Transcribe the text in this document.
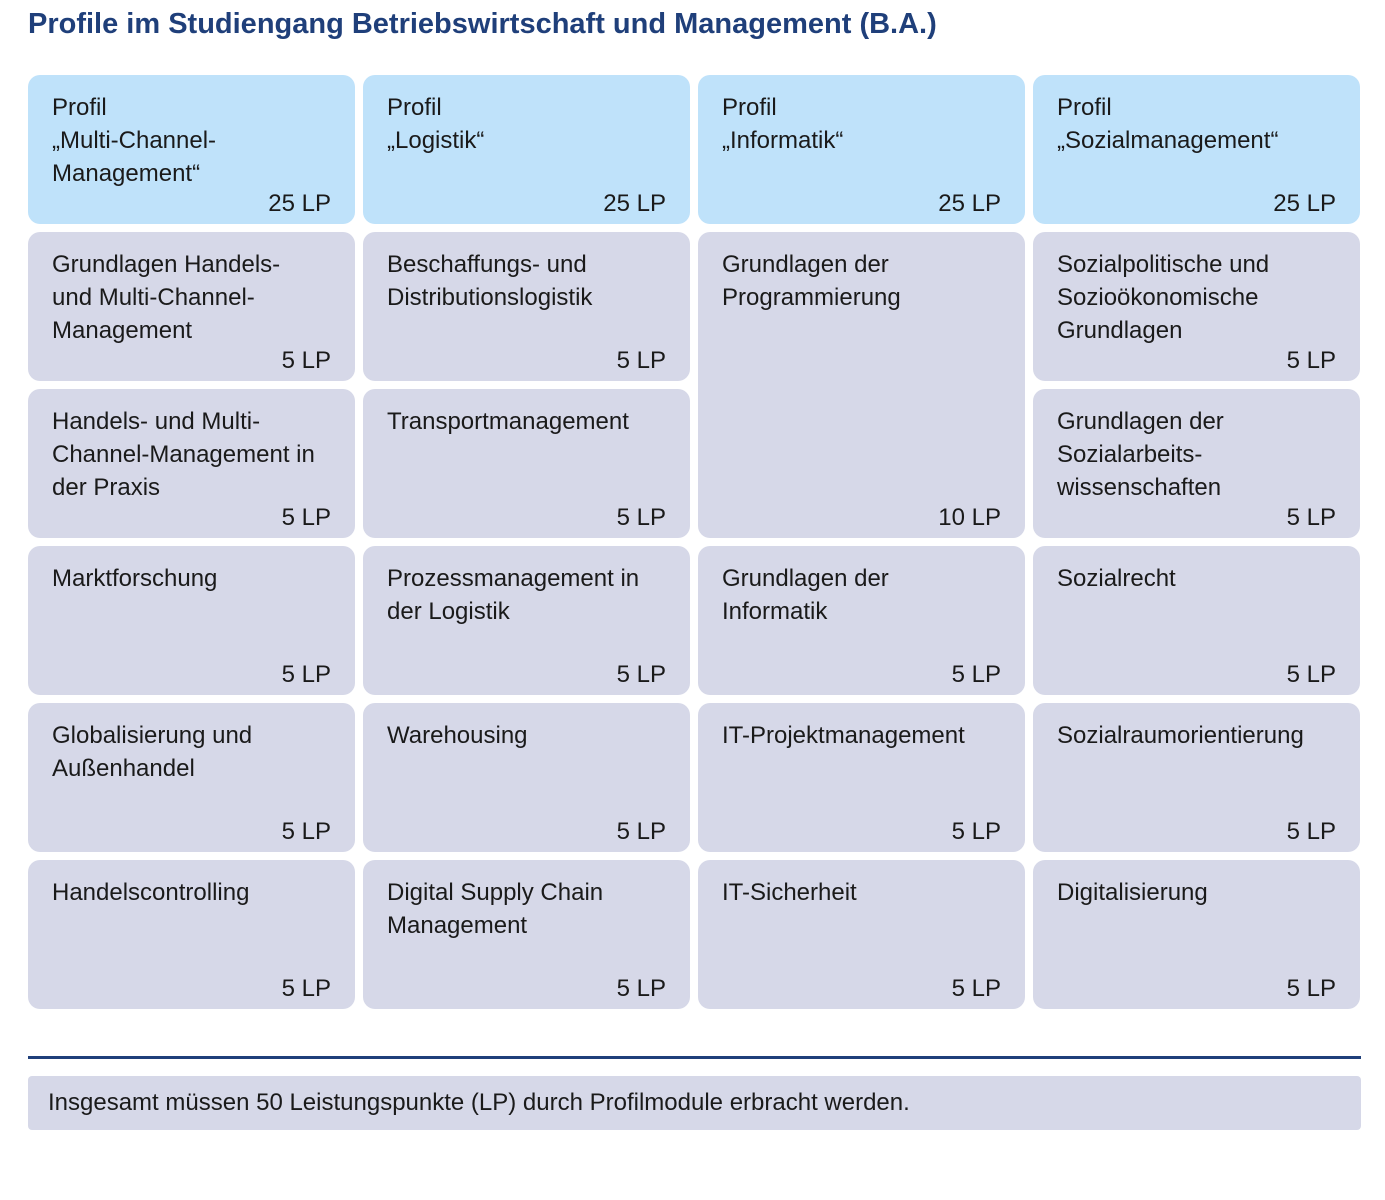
Profile im Studiengang Betriebswirtschaft und Management (B.A.)
Profil
„Multi-Channel-
Management“
25 LP
Grundlagen Handels-
und Multi-Channel-
Management
5 LP
Handels- und Multi-
Channel-Management in
der Praxis
5 LP
Marktforschung
5 LP
Globalisierung und
Außenhandel
5 LP
Handelscontrolling
5 LP
Profil
„Logistik“
25 LP
Beschaffungs- und
Distributionslogistik
5 LP
Transportmanagement
5 LP
Prozessmanagement in
der Logistik
5 LP
Warehousing
5 LP
Digital Supply Chain
Management
5 LP
Profil
„Informatik“
25 LP
Grundlagen der
Programmierung
10 LP
Grundlagen der
Informatik
5 LP
IT-Projektmanagement
5 LP
IT-Sicherheit
5 LP
Profil
„Sozialmanagement“
25 LP
Sozialpolitische und
Sozioökonomische
Grundlagen
5 LP
Grundlagen der
Sozialarbeits-
wissenschaften
5 LP
Sozialrecht
5 LP
Sozialraumorientierung
5 LP
Digitalisierung
5 LP
Insgesamt müssen 50 Leistungspunkte (LP) durch Profilmodule erbracht werden.
